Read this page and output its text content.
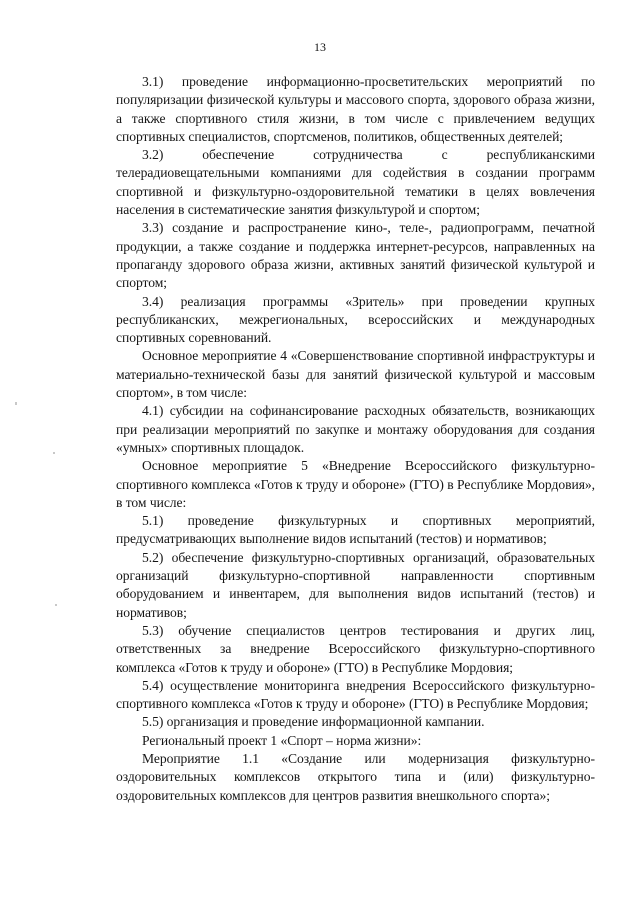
13

3.1) проведение информационно-просветительских мероприятий по популяризации физической культуры и массового спорта, здорового образа жизни, а также спортивного стиля жизни, в том числе с привлечением ведущих спортивных специалистов, спортсменов, политиков, общественных деятелей;

3.2) обеспечение сотрудничества с республиканскими телерадиовещательными компаниями для содействия в создании программ спортивной и физкультурно-оздоровительной тематики в целях вовлечения населения в систематические занятия физкультурой и спортом;

3.3) создание и распространение кино-, теле-, радиопрограмм, печатной продукции, а также создание и поддержка интернет-ресурсов, направленных на пропаганду здорового образа жизни, активных занятий физической культурой и спортом;

3.4) реализация программы «Зритель» при проведении крупных республиканских, межрегиональных, всероссийских и международных спортивных соревнований.

Основное мероприятие 4 «Совершенствование спортивной инфраструктуры и материально-технической базы для занятий физической культурой и массовым спортом», в том числе:

4.1) субсидии на софинансирование расходных обязательств, возникающих при реализации мероприятий по закупке и монтажу оборудования для создания «умных» спортивных площадок.

Основное мероприятие 5 «Внедрение Всероссийского физкультурно-спортивного комплекса «Готов к труду и обороне» (ГТО) в Республике Мордовия», в том числе:

5.1) проведение физкультурных и спортивных мероприятий, предусматривающих выполнение видов испытаний (тестов) и нормативов;

5.2) обеспечение физкультурно-спортивных организаций, образовательных организаций физкультурно-спортивной направленности спортивным оборудованием и инвентарем, для выполнения видов испытаний (тестов) и нормативов;

5.3) обучение специалистов центров тестирования и других лиц, ответственных за внедрение Всероссийского физкультурно-спортивного комплекса «Готов к труду и обороне» (ГТО) в Республике Мордовия;

5.4) осуществление мониторинга внедрения Всероссийского физкультурно-спортивного комплекса «Готов к труду и обороне» (ГТО) в Республике Мордовия;

5.5) организация и проведение информационной кампании.

Региональный проект 1 «Спорт – норма жизни»:

Мероприятие 1.1 «Создание или модернизация физкультурно-оздоровительных комплексов открытого типа и (или) физкультурно-оздоровительных комплексов для центров развития внешкольного спорта»;
